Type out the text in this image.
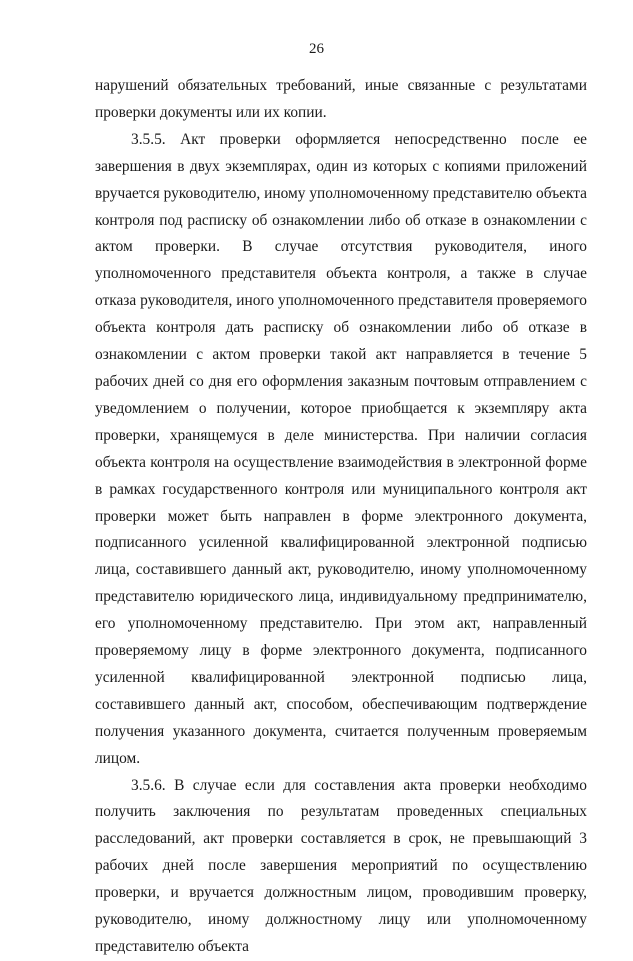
26

нарушений обязательных требований, иные связанные с результатами проверки документы или их копии.

3.5.5. Акт проверки оформляется непосредственно после ее завершения в двух экземплярах, один из которых с копиями приложений вручается руководителю, иному уполномоченному представителю объекта контроля под расписку об ознакомлении либо об отказе в ознакомлении с актом проверки. В случае отсутствия руководителя, иного уполномоченного представителя объекта контроля, а также в случае отказа руководителя, иного уполномоченного представителя проверяемого объекта контроля дать расписку об ознакомлении либо об отказе в ознакомлении с актом проверки такой акт направляется в течение 5 рабочих дней со дня его оформления заказным почтовым отправлением с уведомлением о получении, которое приобщается к экземпляру акта проверки, хранящемуся в деле министерства. При наличии согласия объекта контроля на осуществление взаимодействия в электронной форме в рамках государственного контроля или муниципального контроля акт проверки может быть направлен в форме электронного документа, подписанного усиленной квалифицированной электронной подписью лица, составившего данный акт, руководителю, иному уполномоченному представителю юридического лица, индивидуальному предпринимателю, его уполномоченному представителю. При этом акт, направленный проверяемому лицу в форме электронного документа, подписанного усиленной квалифицированной электронной подписью лица, составившего данный акт, способом, обеспечивающим подтверждение получения указанного документа, считается полученным проверяемым лицом.

3.5.6. В случае если для составления акта проверки необходимо получить заключения по результатам проведенных специальных расследований, акт проверки составляется в срок, не превышающий 3 рабочих дней после завершения мероприятий по осуществлению проверки, и вручается должностным лицом, проводившим проверку, руководителю, иному должностному лицу или уполномоченному представителю объекта
